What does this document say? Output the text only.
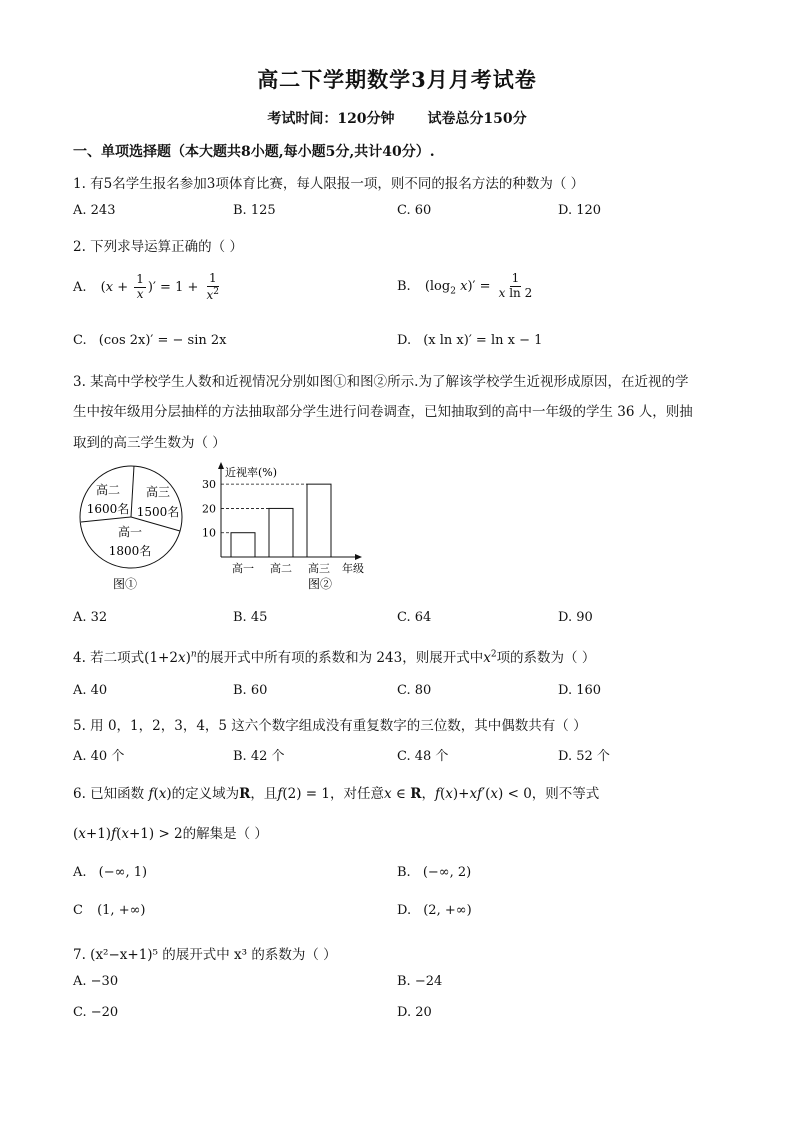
高二下学期数学3月月考试卷
考试时间：120分钟 试卷总分150分
一、单项选择题（本大题共8小题,每小题5分,共计40分）.
1. 有5名学生报名参加3项体育比赛，每人限报一项，则不同的报名方法的种数为（ ）
A. 243	B. 125	C. 60	D. 120
2. 下列求导运算正确的（ ）
A. ($x + \frac{1}{x}$ )′ = $1 + \frac{1}{x^2}$	B. ($\log_2$ $x)' = \frac{1}{\text{x ln 2}}$
C. (cos 2x)′ = − sin 2x	D. (x ln x)′ = ln x − 1
3. 某高中学校学生人数和近视情况分别如图①和图②所示.为了解该学校学生近视形成原因，在近视的学
生中按年级用分层抽样的方法抽取部分学生进行问卷调查，已知抽取到的高中一年级的学生 36 人，则抽
取到的高三学生数为（ ）
高二
1600名
高三
1500名
高一
1800名
图①
近视率(%)
年级
图②
10
高一
20
高二
30
高三
A. 32	B. 45	C. 64	D. 90
4. 若二项式$(1+2x)^n$的展开式中所有项的系数和为 243，则展开式中$x^2$项的系数为（ ）
A. 40	B. 60	C. 80	D. 160
5. 用 0，1，2，3，4，5 这六个数字组成没有重复数字的三位数，其中偶数共有（ ）
A. 40 个	B. 42 个	C. 48 个	D. 52 个
6. 已知函数 f(x)的定义域为R，且f(2) = 1，对任意x ∈ R，f(x)+xf′(x) < 0，则不等式
(x+1)f(x+1) > 2的解集是（ ）
A. (−∞, 1)	B. (−∞, 2)
C (1, +∞)	D. (2, +∞)
7. (x²−x+1)⁵ 的展开式中 x³ 的系数为（ ）
A. −30	B. −24
C. −20	D. 20
